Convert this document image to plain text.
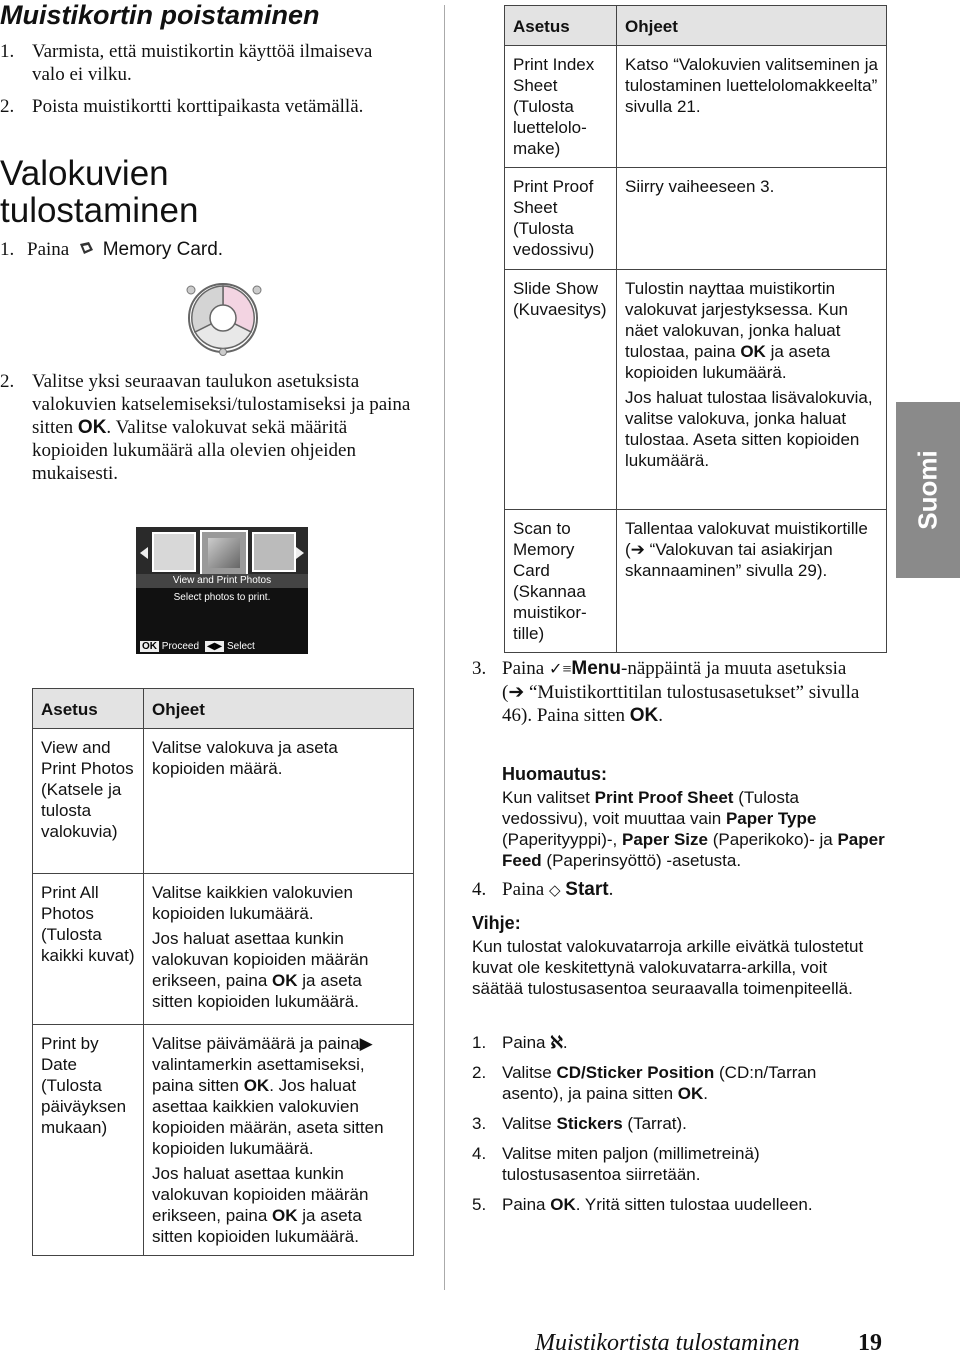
Muistikortin poistaminen
1. Varmista, että muistikortin käyttöä ilmaiseva valo ei vilku.
2. Poista muistikortti korttipaikasta vetämällä.
Valokuvien
tulostaminen
1. Paina Memory Card.
2. Valitse yksi seuraavan taulukon asetuksista valokuvien katselemiseksi/tulostamiseksi ja paina sitten OK. Valitse valokuvat sekä määritä kopioiden lukumäärä alla olevien ohjeiden mukaisesti.
View and Print Photos
Select photos to print.
OK Proceed ◀▶ Select
Asetus	Ohjeet
View and Print Photos (Katsele ja tulosta valokuvia)	Valitse valokuva ja aseta kopioiden määrä.

Print All Photos (Tulosta kaikki kuvat)	Valitse kaikkien valokuvien kopioiden lukumäärä.

Jos haluat asettaa kunkin valokuvan kopioiden määrän erikseen, paina OK ja aseta sitten kopioiden lukumäärä.

Print by Date (Tulosta päiväyksen mukaan)	Valitse päivämäärä ja paina▶ valintamerkin asettamiseksi, paina sitten OK. Jos haluat asettaa kaikkien valokuvien kopioiden määrän, aseta sitten kopioiden lukumäärä.

Jos haluat asettaa kunkin valokuvan kopioiden määrän erikseen, paina OK ja aseta sitten kopioiden lukumäärä.

Asetus	Ohjeet
Print Index Sheet (Tulosta luettelolomake)	Katso “Valokuvien valitseminen ja tulostaminen luettelolomakkeelta” sivulla 21.
Print Proof Sheet (Tulosta vedossivu)	Siirry vaiheeseen 3.
Slide Show (Kuvaesitys)	Tulostin nayttaa muistikortin valokuvat jarjestyksessa. Kun näet valokuvan, jonka haluat tulostaa, paina OK ja aseta kopioiden lukumäärä.

Jos haluat tulostaa lisävalokuvia, valitse valokuva, jonka haluat tulostaa. Aseta sitten kopioiden lukumäärä.

Scan to Memory Card (Skannaa muistikortille)	Tallentaa valokuvat muistikortille (➔ “Valokuvan tai asiakirjan skannaaminen” sivulla 29).
3. Paina ✓≡Menu-näppäintä ja muuta asetuksia (➔ “Muistikorttitilan tulostusasetukset” sivulla 46). Paina sitten OK.
Huomautus:
Kun valitset Print Proof Sheet (Tulosta vedossivu), voit muuttaa vain Paper Type (Paperityyppi)-, Paper Size (Paperikoko)- ja Paper Feed (Paperinsyöttö) -asetusta.
4. Paina ◇ Start.
Vihje:
Kun tulostat valokuvatarroja arkille eivätkä tulostetut kuvat ole keskitettynä valokuvatarra-arkilla, voit säätää tulostusasentoa seuraavalla toimenpiteellä.
1. Paina ℵ.
2. Valitse CD/Sticker Position (CD:n/Tarran asento), ja paina sitten OK.
3. Valitse Stickers (Tarrat).
4. Valitse miten paljon (millimetreinä) tulostusasentoa siirretään.
5. Paina OK. Yritä sitten tulostaa uudelleen.
Suomi
Muistikortista tulostaminen 19
